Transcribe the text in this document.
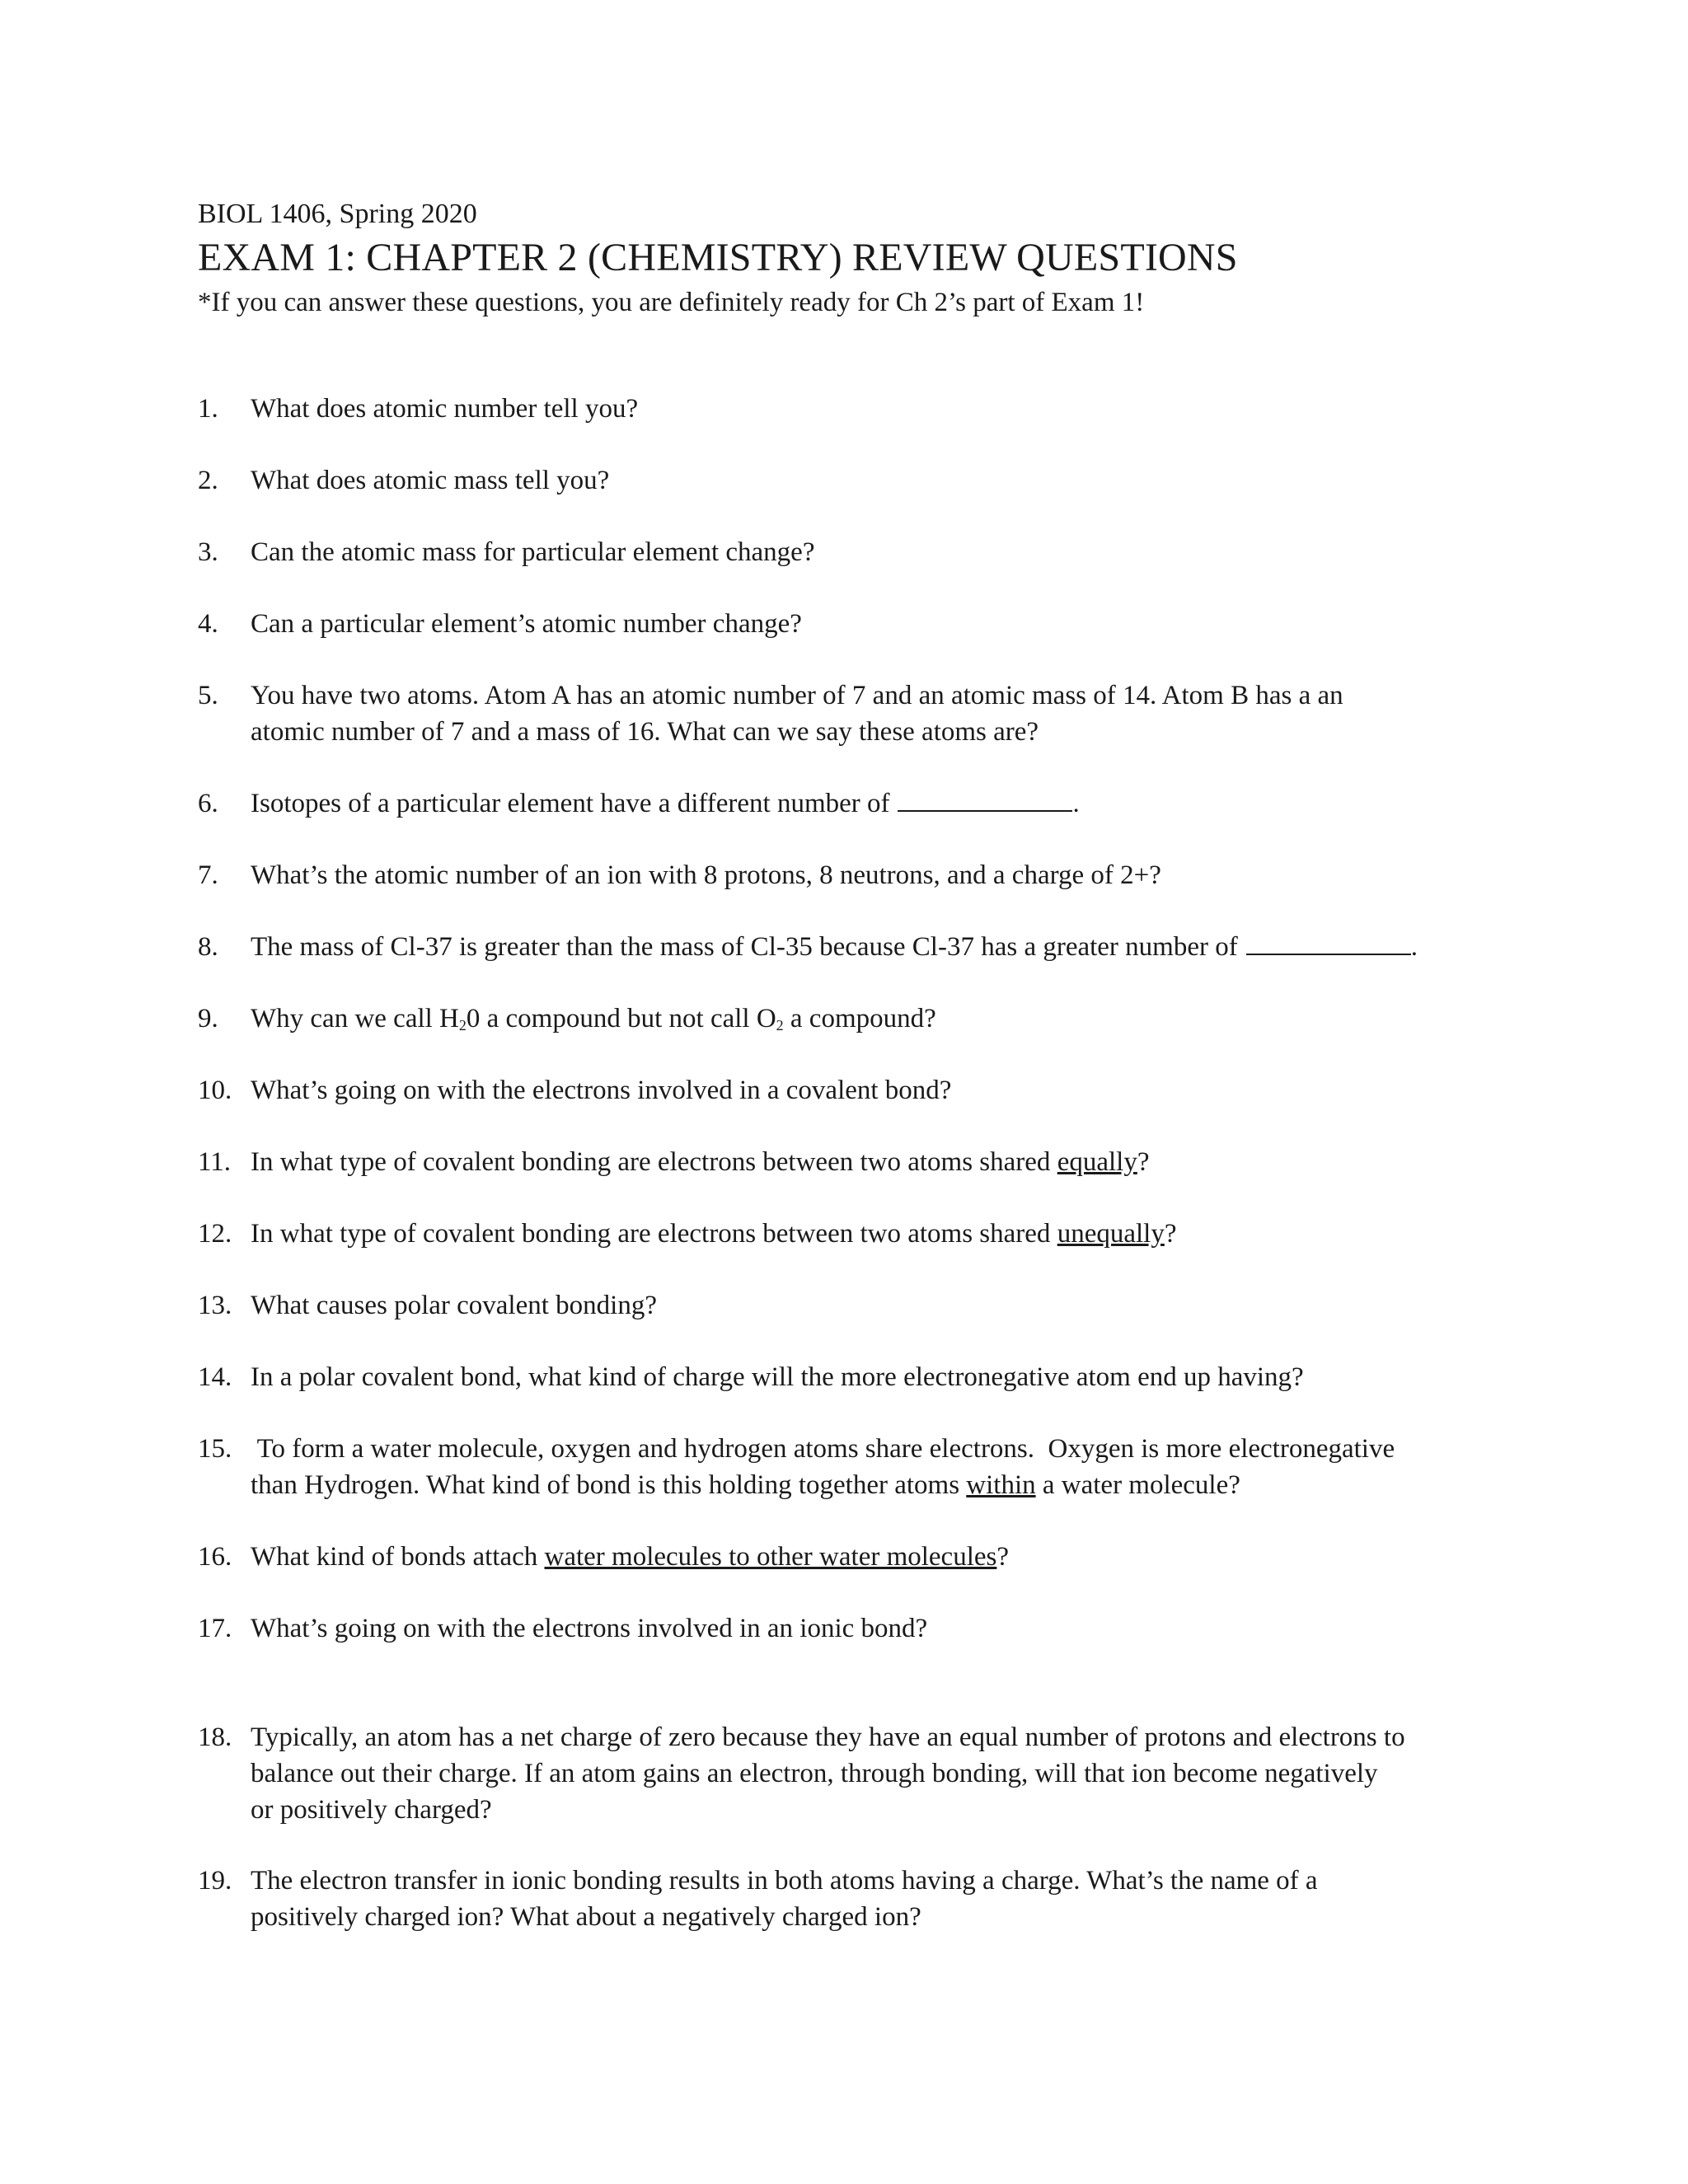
BIOL 1406, Spring 2020
EXAM 1: CHAPTER 2 (CHEMISTRY) REVIEW QUESTIONS
*If you can answer these questions, you are definitely ready for Ch 2’s part of Exam 1!
1. What does atomic number tell you?
2. What does atomic mass tell you?
3. Can the atomic mass for particular element change?
4. Can a particular element’s atomic number change?
5. You have two atoms. Atom A has an atomic number of 7 and an atomic mass of 14. Atom B has a an
atomic number of 7 and a mass of 16. What can we say these atoms are?
6. Isotopes of a particular element have a different number of	.
7. What’s the atomic number of an ion with 8 protons, 8 neutrons, and a charge of 2+?
8. The mass of Cl-37 is greater than the mass of Cl-35 because Cl-37 has a greater number of	.
9. Why can we call $H_20$ a compound but not call $O_2$ a compound?
10. What’s going on with the electrons involved in a covalent bond?
11. In what type of covalent bonding are electrons between two atoms shared equally?
12. In what type of covalent bonding are electrons between two atoms shared unequally?
13. What causes polar covalent bonding?
14. In a polar covalent bond, what kind of charge will the more electronegative atom end up having?
15. To form a water molecule, oxygen and hydrogen atoms share electrons.  Oxygen is more electronegative
than Hydrogen. What kind of bond is this holding together atoms within a water molecule?
16. What kind of bonds attach water molecules to other water molecules?
17. What’s going on with the electrons involved in an ionic bond?
18. Typically, an atom has a net charge of zero because they have an equal number of protons and electrons to
balance out their charge. If an atom gains an electron, through bonding, will that ion become negatively
or positively charged?
19. The electron transfer in ionic bonding results in both atoms having a charge. What’s the name of a
positively charged ion? What about a negatively charged ion?
